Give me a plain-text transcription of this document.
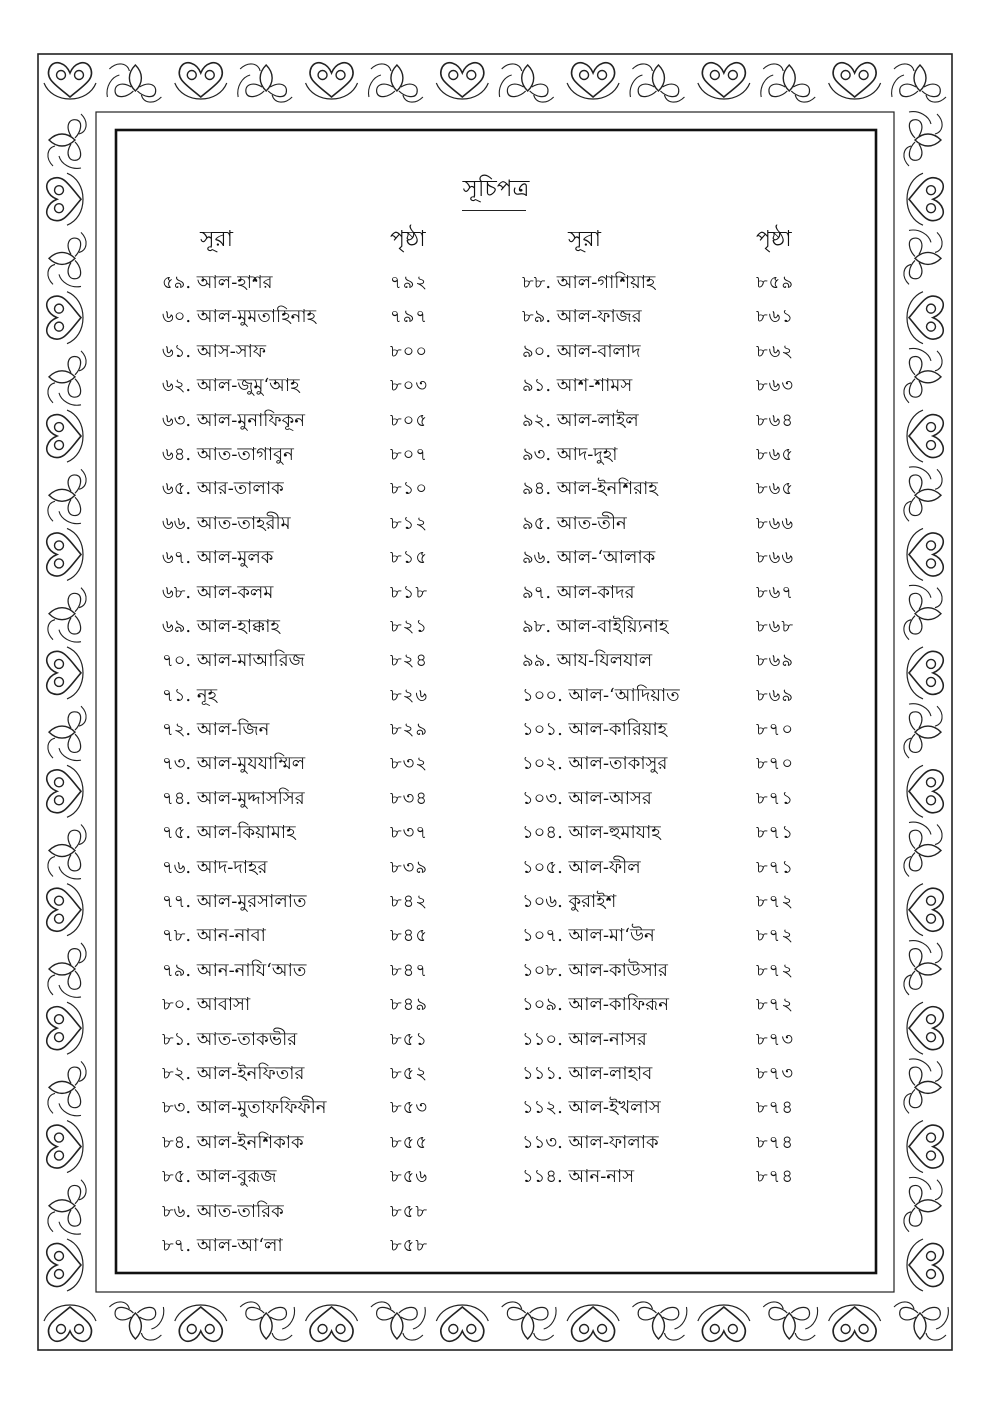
সূচিপত্র
সূরা	পৃষ্ঠা
৫৯. আল-হাশর	৭৯২
৬০. আল-মুমতাহিনাহ	৭৯৭
৬১. আস-সাফ	৮০০
৬২. আল-জুমু‘আহ	৮০৩
৬৩. আল-মুনাফিকূন	৮০৫
৬৪. আত-তাগাবুন	৮০৭
৬৫. আর-তালাক	৮১০
৬৬. আত-তাহরীম	৮১২
৬৭. আল-মুলক	৮১৫
৬৮. আল-কলম	৮১৮
৬৯. আল-হাক্কাহ	৮২১
৭০. আল-মাআরিজ	৮২৪
৭১. নূহ	৮২৬
৭২. আল-জিন	৮২৯
৭৩. আল-মুযযাম্মিল	৮৩২
৭৪. আল-মুদ্দাসসির	৮৩৪
৭৫. আল-কিয়ামাহ	৮৩৭
৭৬. আদ-দাহর	৮৩৯
৭৭. আল-মুরসালাত	৮৪২
৭৮. আন-নাবা	৮৪৫
৭৯. আন-নাযি‘আত	৮৪৭
৮০. আবাসা	৮৪৯
৮১. আত-তাকভীর	৮৫১
৮২. আল-ইনফিতার	৮৫২
৮৩. আল-মুতাফফিফীন	৮৫৩
৮৪. আল-ইনশিকাক	৮৫৫
৮৫. আল-বুরূজ	৮৫৬
৮৬. আত-তারিক	৮৫৮
৮৭. আল-আ‘লা	৮৫৮
সূরা	পৃষ্ঠা
৮৮. আল-গাশিয়াহ	৮৫৯
৮৯. আল-ফাজর	৮৬১
৯০. আল-বালাদ	৮৬২
৯১. আশ-শামস	৮৬৩
৯২. আল-লাইল	৮৬৪
৯৩. আদ-দুহা	৮৬৫
৯৪. আল-ইনশিরাহ	৮৬৫
৯৫. আত-তীন	৮৬৬
৯৬. আল-‘আলাক	৮৬৬
৯৭. আল-কাদর	৮৬৭
৯৮. আল-বাইয়্যিনাহ	৮৬৮
৯৯. আয-যিলযাল	৮৬৯
১০০. আল-‘আদিয়াত	৮৬৯
১০১. আল-কারিয়াহ	৮৭০
১০২. আল-তাকাসুর	৮৭০
১০৩. আল-আসর	৮৭১
১০৪. আল-হুমাযাহ	৮৭১
১০৫. আল-ফীল	৮৭১
১০৬. কুরাইশ	৮৭২
১০৭. আল-মা‘উন	৮৭২
১০৮. আল-কাউসার	৮৭২
১০৯. আল-কাফিরূন	৮৭২
১১০. আল-নাসর	৮৭৩
১১১. আল-লাহাব	৮৭৩
১১২. আল-ইখলাস	৮৭৪
১১৩. আল-ফালাক	৮৭৪
১১৪. আন-নাস	৮৭৪
